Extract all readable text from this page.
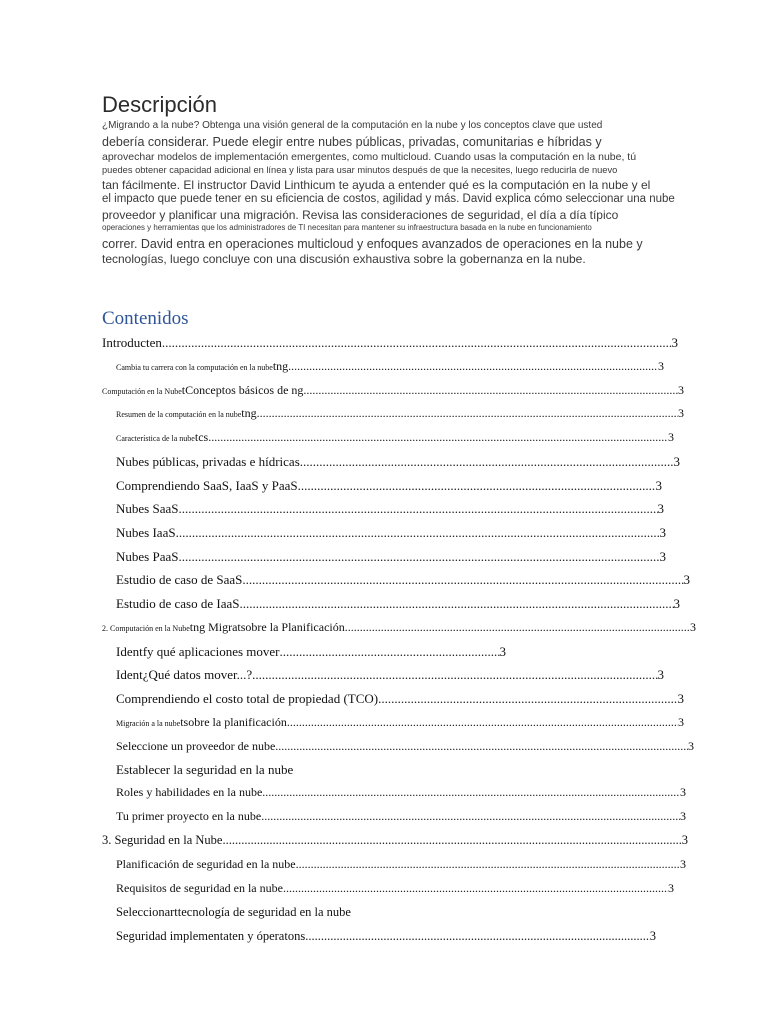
Descripción
¿Migrando a la nube? Obtenga una visión general de la computación en la nube y los conceptos clave que usted
debería considerar. Puede elegir entre nubes públicas, privadas, comunitarias e híbridas y
aprovechar modelos de implementación emergentes, como multicloud. Cuando usas la computación en la nube, tú
puedes obtener capacidad adicional en línea y lista para usar minutos después de que la necesites, luego reducirla de nuevo
tan fácilmente. El instructor David Linthicum te ayuda a entender qué es la computación en la nube y el
el impacto que puede tener en su eficiencia de costos, agilidad y más. David explica cómo seleccionar una nube
proveedor y planificar una migración. Revisa las consideraciones de seguridad, el día a día típico
operaciones y herramientas que los administradores de TI necesitan para mantener su infraestructura basada en la nube en funcionamiento
correr. David entra en operaciones multicloud y enfoques avanzados de operaciones en la nube y
tecnologías, luego concluye con una discusión exhaustiva sobre la gobernanza en la nube.
Contenidos
Introducten .....	3
Cambia tu carrera con la computación en la nube tng .....	3
Computación en la Nube tConceptos básicos de ng .....	3
Resumen de la computación en la nube tng .....	3
Característica de la nube tcs .....	3
Nubes públicas, privadas e hídricas .....	3
Comprendiendo SaaS, IaaS y PaaS .....	3
Nubes SaaS .....	3
Nubes IaaS .....	3
Nubes PaaS .....	3
Estudio de caso de SaaS .....	3
Estudio de caso de IaaS .....	3
2. Computación en la Nube tng Migratsobre la Planificación .....	3
Identfy qué aplicaciones mover .....	3
Ident¿Qué datos mover...? .....	3
Comprendiendo el costo total de propiedad (TCO) .....	3
Migración a la nube tsobre la planificación .....	3
Seleccione un proveedor de nube .....	3
Establecer la seguridad en la nube
Roles y habilidades en la nube .....	3
Tu primer proyecto en la nube .....	3
3. Seguridad en la Nube .....	3
Planificación de seguridad en la nube .....	3
Requisitos de seguridad en la nube .....	3
Seleccionarttecnología de seguridad en la nube
Seguridad implementaten y óperatons .....	3
